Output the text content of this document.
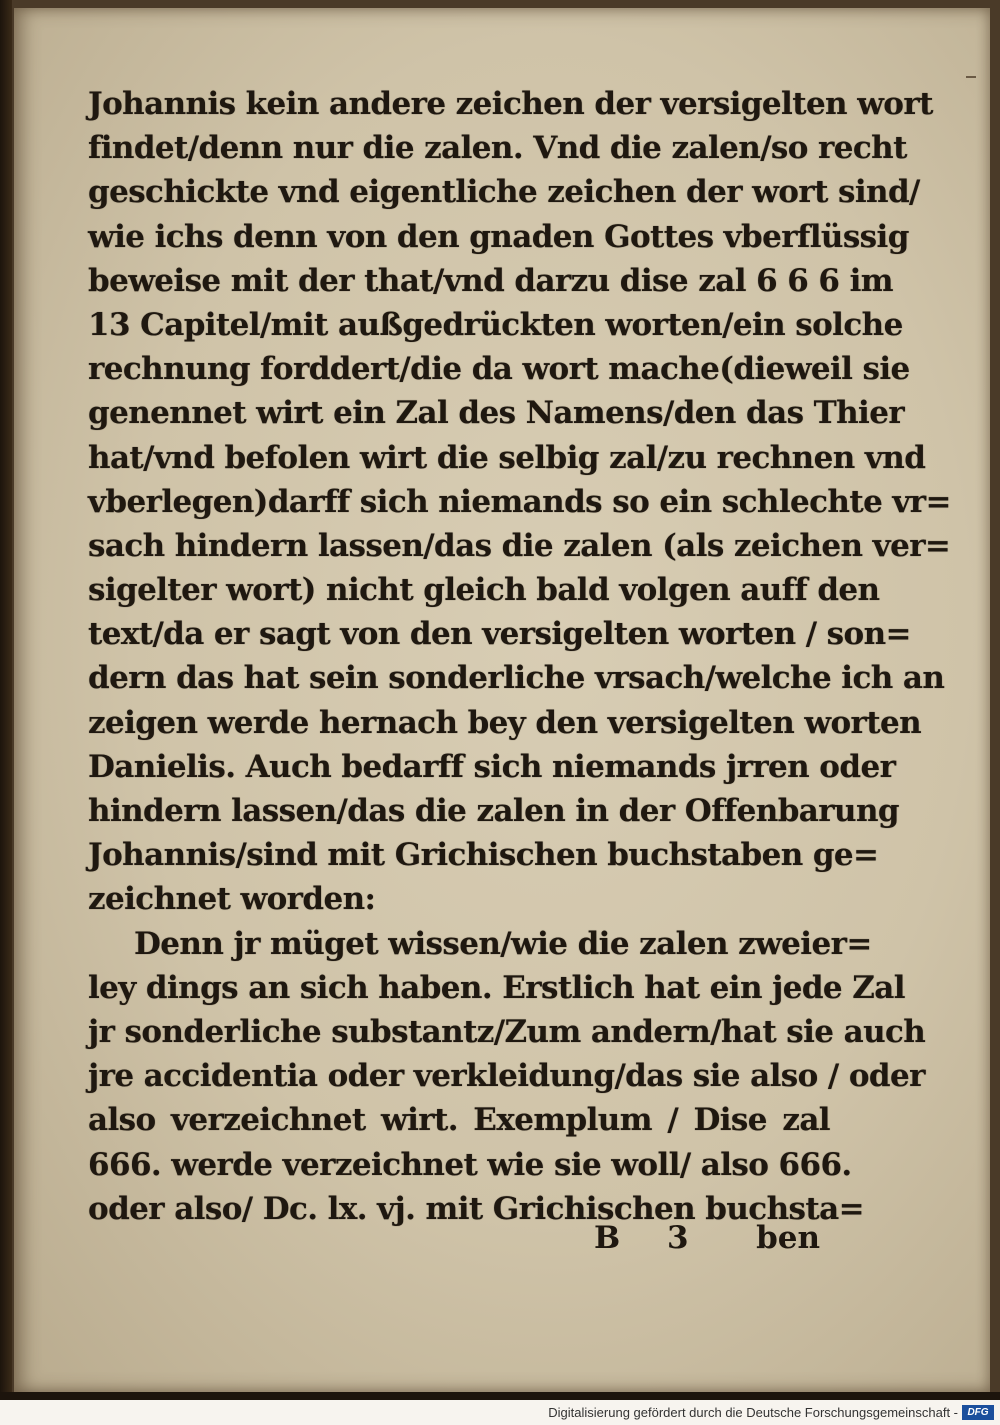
Johannis kein andere zeichen der versigelten wort
findet/denn nur die zalen. Vnd die zalen/so recht
geschickte vnd eigentliche zeichen der wort sind/
wie ichs denn von den gnaden Gottes vberflüssig
beweise mit der that/vnd darzu dise zal 6 6 6 im
13 Capitel/mit außgedrückten worten/ein solche
rechnung forddert/die da wort mache(dieweil sie
genennet wirt ein Zal des Namens/den das Thier
hat/vnd befolen wirt die selbig zal/zu rechnen vnd
vberlegen)darff sich niemands so ein schlechte vr=
sach hindern lassen/das die zalen (als zeichen ver=
sigelter wort) nicht gleich bald volgen auff den
text/da er sagt von den versigelten worten / son=
dern das hat sein sonderliche vrsach/welche ich an
zeigen werde hernach bey den versigelten worten
Danielis. Auch bedarff sich niemands jrren oder
hindern lassen/das die zalen in der Offenbarung
Johannis/sind mit Grichischen buchstaben ge=
zeichnet worden:
Denn jr müget wissen/wie die zalen zweier=
ley dings an sich haben. Erstlich hat ein jede Zal
jr sonderliche substantz/Zum andern/hat sie auch
jre accidentia oder verkleidung/das sie also / oder
also verzeichnet wirt. Exemplum / Dise zal
666. werde verzeichnet wie sie woll/ also 666.
oder also/ Dc. lx. vj. mit Grichischen buchsta=
B 3 ben
Digitalisierung gefördert durch die Deutsche Forschungsgemeinschaft - DFG
